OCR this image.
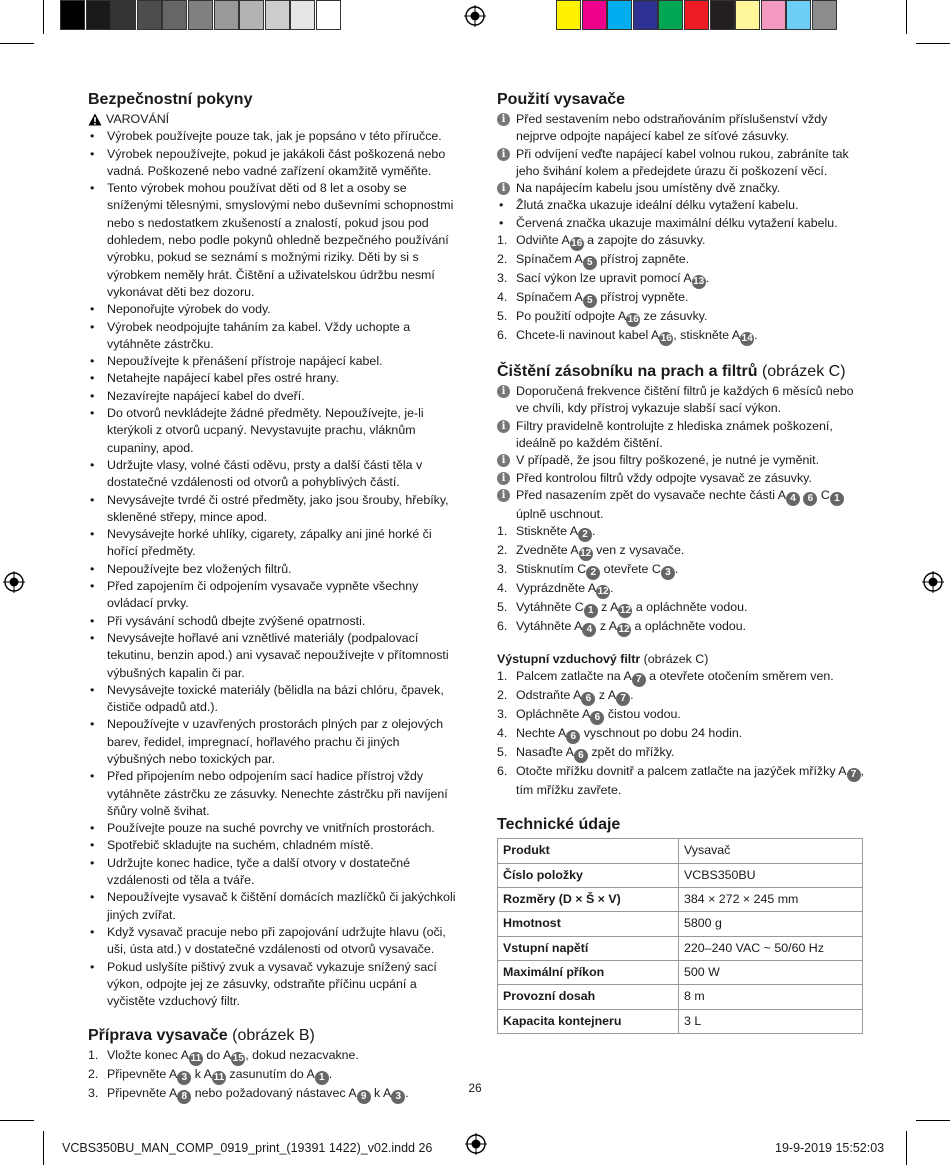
Bezpečnostní pokyny
VAROVÁNÍ
• Výrobek používejte pouze tak, jak je popsáno v této příručce.
• Výrobek nepoužívejte, pokud je jakákoli část poškozená nebo vadná. Poškozené nebo vadné zařízení okamžitě vyměňte.
• Tento výrobek mohou používat děti od 8 let a osoby se sníženými tělesnými, smyslovými nebo duševními schopnostmi nebo s nedostatkem zkušeností a znalostí, pokud jsou pod dohledem, nebo podle pokynů ohledně bezpečného používání výrobku, pokud se seznámí s možnými riziky. Děti by si s výrobkem neměly hrát. Čištění a uživatelskou údržbu nesmí vykonávat děti bez dozoru.
• Neponořujte výrobek do vody.
• Výrobek neodpojujte taháním za kabel. Vždy uchopte a vytáhněte zástrčku.
• Nepoužívejte k přenášení přístroje napájecí kabel.
• Netahejte napájecí kabel přes ostré hrany.
• Nezavírejte napájecí kabel do dveří.
• Do otvorů nevkládejte žádné předměty. Nepoužívejte, je-li kterýkoli z otvorů ucpaný. Nevystavujte prachu, vláknům cupaniny, apod.
• Udržujte vlasy, volné části oděvu, prsty a další části těla v dostatečné vzdálenosti od otvorů a pohyblivých částí.
• Nevysávejte tvrdé či ostré předměty, jako jsou šrouby, hřebíky, skleněné střepy, mince apod.
• Nevysávejte horké uhlíky, cigarety, zápalky ani jiné horké či hořící předměty.
• Nepoužívejte bez vložených filtrů.
• Před zapojením či odpojením vysavače vypněte všechny ovládací prvky.
• Při vysávání schodů dbejte zvýšené opatrnosti.
• Nevysávejte hořlavé ani vznětlivé materiály (podpalovací tekutinu, benzin apod.) ani vysavač nepoužívejte v přítomnosti výbušných kapalin či par.
• Nevysávejte toxické materiály (bělidla na bázi chlóru, čpavek, čističe odpadů atd.).
• Nepoužívejte v uzavřených prostorách plných par z olejových barev, ředidel, impregnací, hořlavého prachu či jiných výbušných nebo toxických par.
• Před připojením nebo odpojením sací hadice přístroj vždy vytáhněte zástrčku ze zásuvky. Nenechte zástrčku při navíjení šňůry volně švihat.
• Používejte pouze na suché povrchy ve vnitřních prostorách.
• Spotřebič skladujte na suchém, chladném místě.
• Udržujte konec hadice, tyče a další otvory v dostatečné vzdálenosti od těla a tváře.
• Nepoužívejte vysavač k čištění domácích mazlíčků či jakýchkoli jiných zvířat.
• Když vysavač pracuje nebo při zapojování udržujte hlavu (oči, uši, ústa atd.) v dostatečné vzdálenosti od otvorů vysavače.
• Pokud uslyšíte pištivý zvuk a vysavač vykazuje snížený sací výkon, odpojte jej ze zásuvky, odstraňte příčinu ucpání a vyčistěte vzduchový filtr.
Příprava vysavače (obrázek B)
1. Vložte konec A 11 do A15, dokud nezacvakne.
2. Připevněte A 3 k A 11 zasunutím do A 1 .
3. Připevněte A 8 nebo požadovaný nástavec A 9 k A 3 .
Použití vysavače
i Před sestavením nebo odstraňováním příslušenství vždy nejprve odpojte napájecí kabel ze síťové zásuvky.
i Při odvíjení veďte napájecí kabel volnou rukou, zabráníte tak jeho švihání kolem a předejdete úrazu či poškození věcí.
i Na napájecím kabelu jsou umístěny dvě značky.
• Žlutá značka ukazuje ideální délku vytažení kabelu.
• Červená značka ukazuje maximální délku vytažení kabelu.
1. Odviňte A16 a zapojte do zásuvky.
2. Spínačem A 5 přístroj zapněte.
3. Sací výkon lze upravit pomocí A13.
4. Spínačem A 5 přístroj vypněte.
5. Po použití odpojte A16 ze zásuvky.
6. Chcete-li navinout kabel A16, stiskněte A14.
Čištění zásobníku na prach a filtrů (obrázek C)
i Doporučená frekvence čištění filtrů je každých 6 měsíců nebo ve chvíli, kdy přístroj vykazuje slabší sací výkon.
i Filtry pravidelně kontrolujte z hlediska známek poškození, ideálně po každém čištění.
i V případě, že jsou filtry poškozené, je nutné je vyměnit.
i Před kontrolou filtrů vždy odpojte vysavač ze zásuvky.
i Před nasazením zpět do vysavače nechte části A 4 6 C 1 úplně uschnout.
1. Stiskněte A 2 .
2. Zvedněte A12 ven z vysavače.
3. Stisknutím C 2 otevřete C 3 .
4. Vyprázdněte A12.
5. Vytáhněte C 1 z A12 a opláchněte vodou.
6. Vytáhněte A 4 z A12 a opláchněte vodou.
Výstupní vzduchový filtr (obrázek C)
1. Palcem zatlačte na A 7 a otevřete otočením směrem ven.
2. Odstraňte A 6 z A 7 .
3. Opláchněte A 6 čistou vodou.
4. Nechte A 6 vyschnout po dobu 24 hodin.
5. Nasaďte A 6 zpět do mřížky.
6. Otočte mřížku dovnitř a palcem zatlačte na jazýček mřížky A 7 , tím mřížku zavřete.
Technické údaje
Produkt	Vysavač
Číslo položky	VCBS350BU
Rozměry (D × Š × V)	384 × 272 × 245 mm
Hmotnost	5800 g
Vstupní napětí	220–240 VAC ~ 50/60 Hz
Maximální příkon	500 W
Provozní dosah	8 m
Kapacita kontejneru	3 L
26
VCBS350BU_MAN_COMP_0919_print_(19391 1422)_v02.indd 26	19-9-2019 15:52:03
